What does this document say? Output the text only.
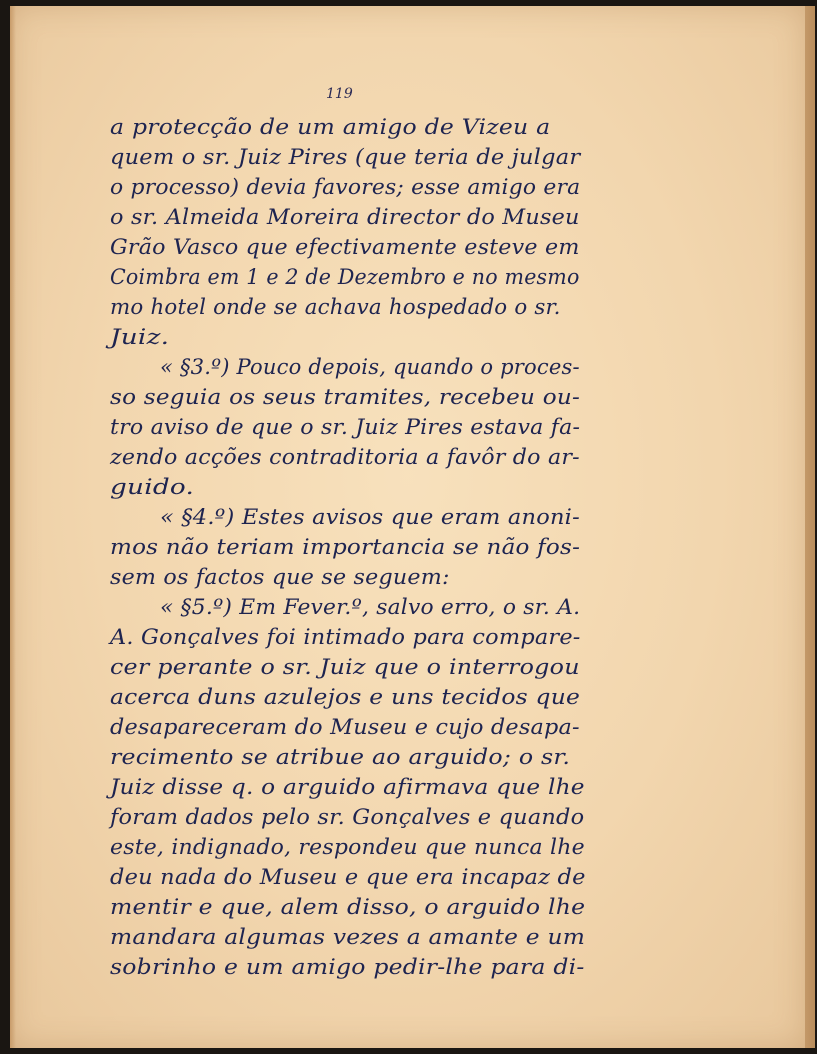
119
a protecção de um amigo de Vizeu a
quem o sr. Juiz Pires (que teria de julgar
o processo) devia favores; esse amigo era
o sr. Almeida Moreira director do Museu
Grão Vasco que efectivamente esteve em
Coimbra em 1 e 2 de Dezembro e no mesmo
mo hotel onde se achava hospedado o sr.
Juiz.
« §3.º) Pouco depois, quando o proces-
so seguia os seus tramites, recebeu ou-
tro aviso de que o sr. Juiz Pires estava fa-
zendo acções contraditoria a favôr do ar-
guido.
« §4.º) Estes avisos que eram anoni-
mos não teriam importancia se não fos-
sem os factos que se seguem:
« §5.º) Em Fever.º, salvo erro, o sr. A.
A. Gonçalves foi intimado para compare-
cer perante o sr. Juiz que o interrogou
acerca duns azulejos e uns tecidos que
desapareceram do Museu e cujo desapa-
recimento se atribue ao arguido; o sr.
Juiz disse q. o arguido afirmava que lhe
foram dados pelo sr. Gonçalves e quando
este, indignado, respondeu que nunca lhe
deu nada do Museu e que era incapaz de
mentir e que, alem disso, o arguido lhe
mandara algumas vezes a amante e um
sobrinho e um amigo pedir-lhe para di-
